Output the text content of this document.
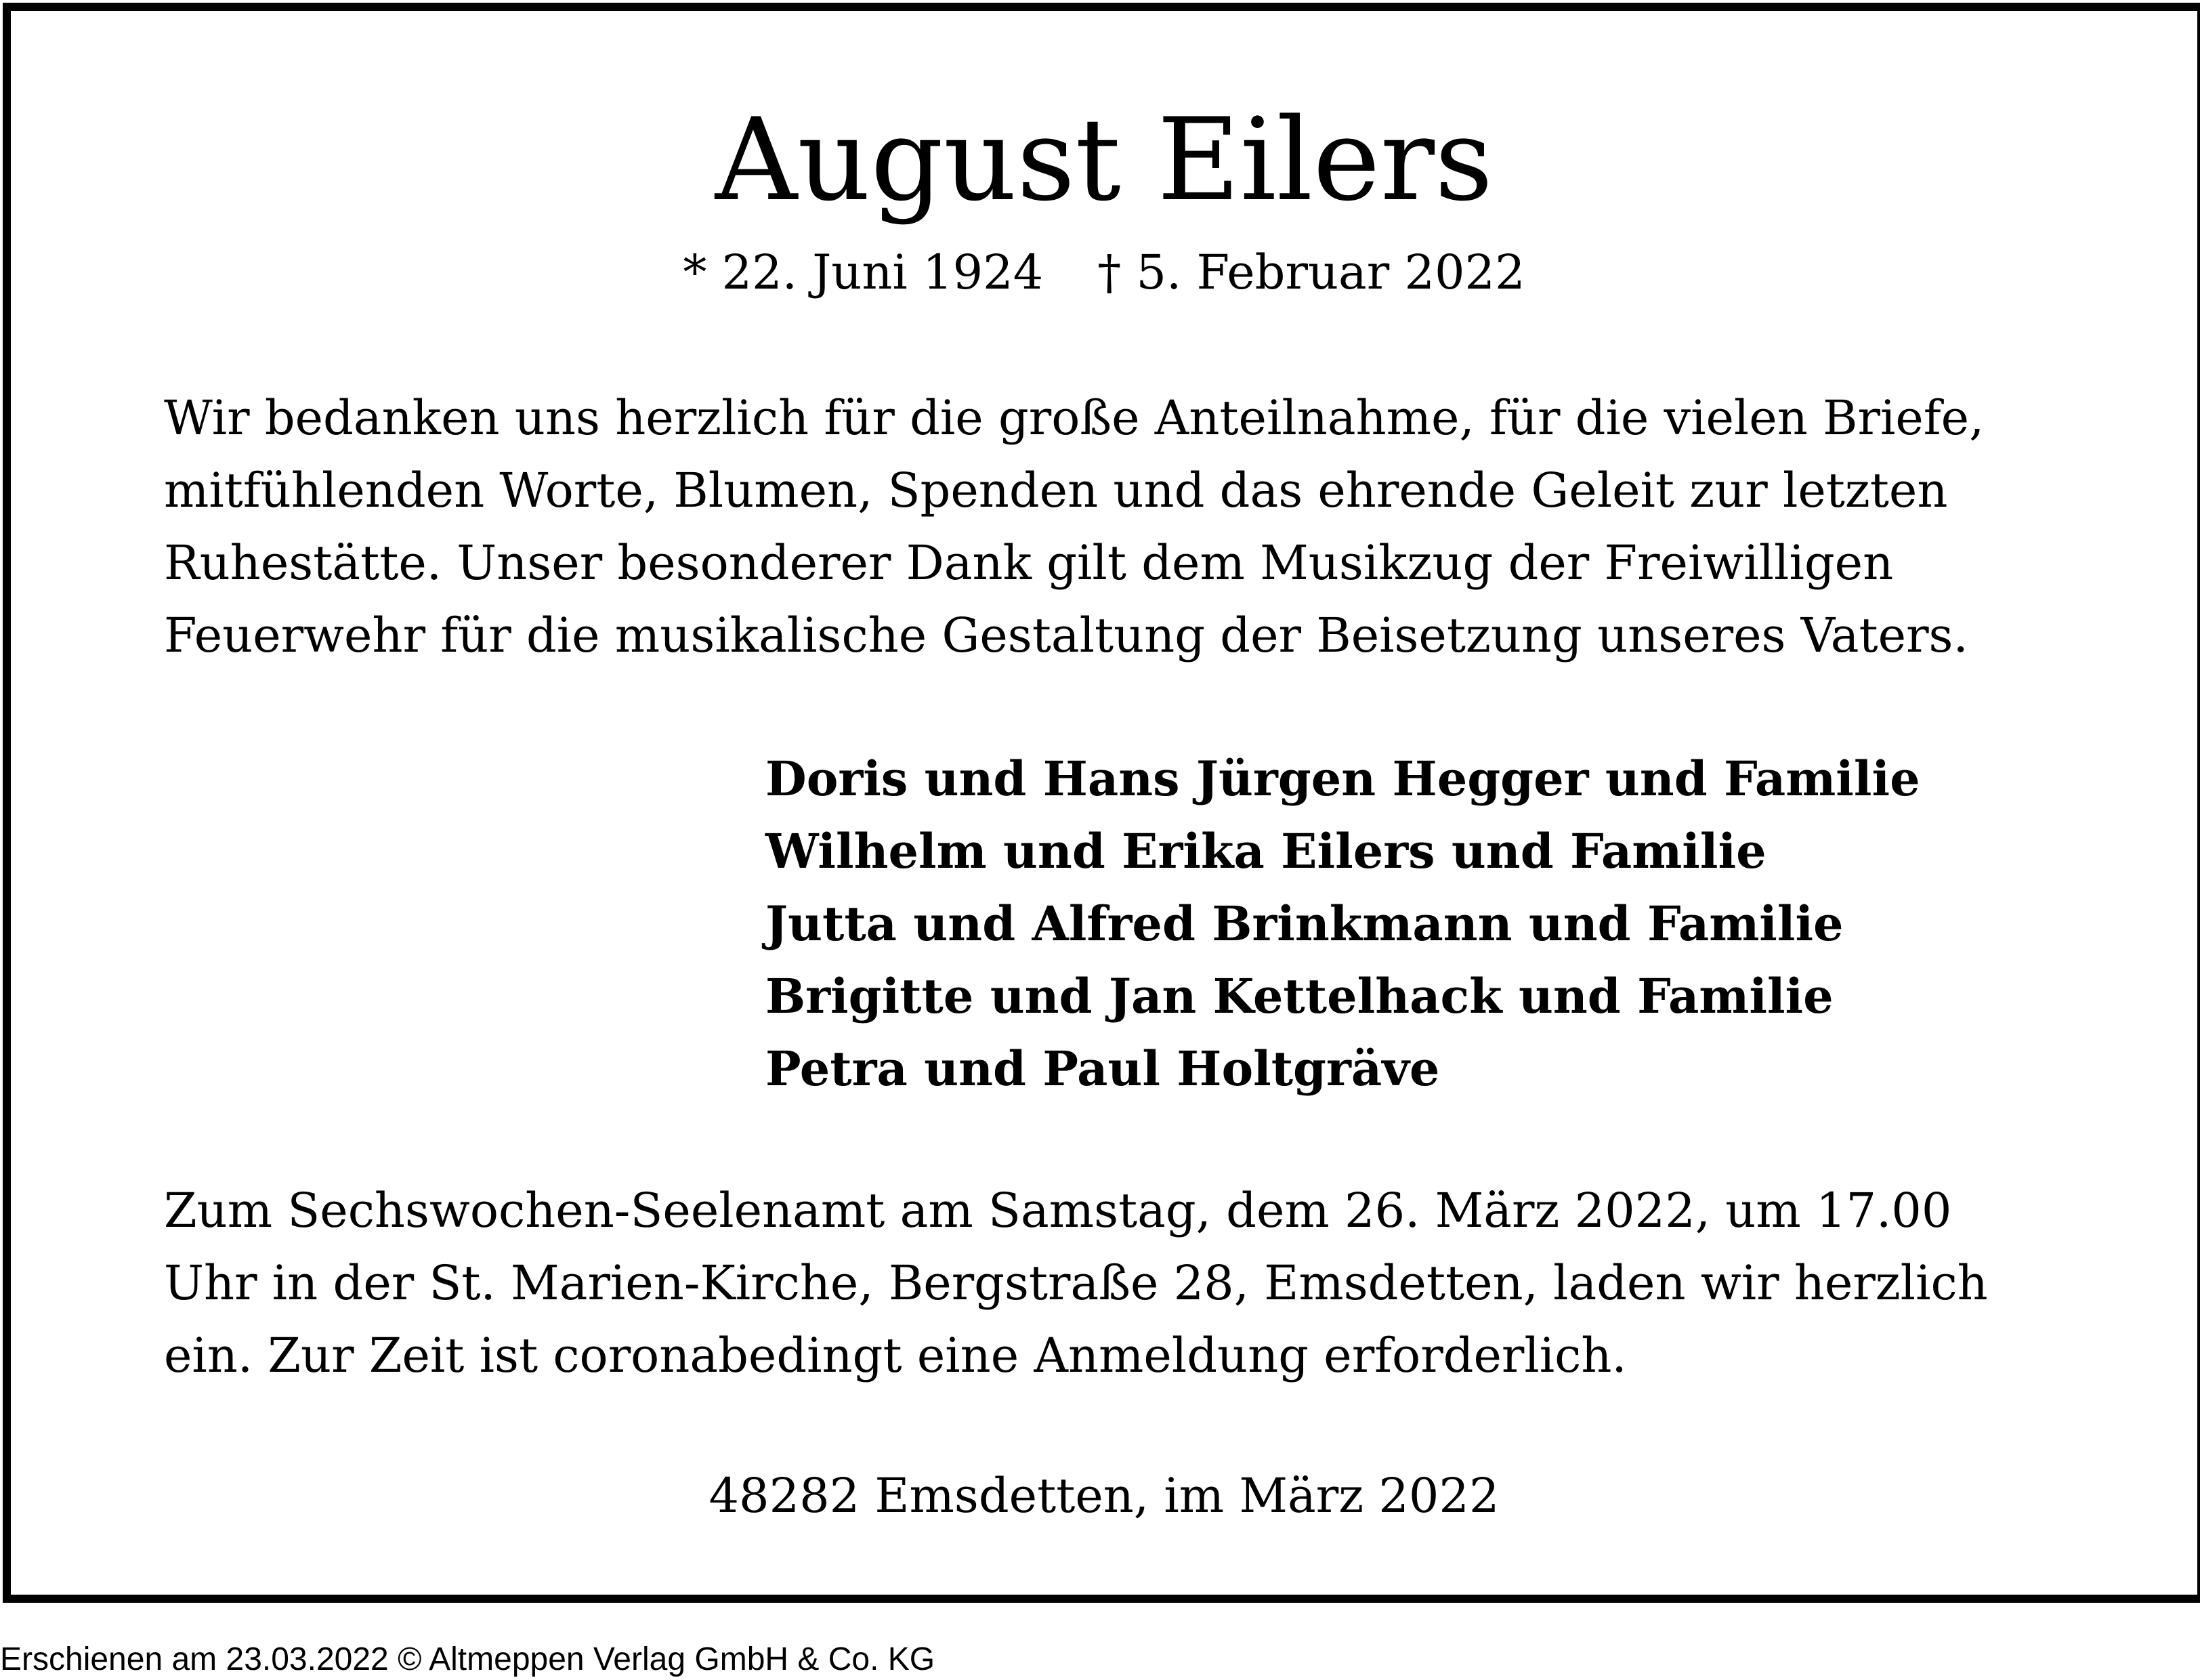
August Eilers
* 22. Juni 1924 † 5. Februar 2022

Wir bedanken uns herzlich für die große Anteilnahme, für die vielen Briefe,
mitfühlenden Worte, Blumen, Spenden und das ehrende Geleit zur letzten
Ruhestätte. Unser besonderer Dank gilt dem Musikzug der Freiwilligen
Feuerwehr für die musikalische Gestaltung der Beisetzung unseres Vaters.

Doris und Hans Jürgen Hegger und Familie
Wilhelm und Erika Eilers und Familie
Jutta und Alfred Brinkmann und Familie
Brigitte und Jan Kettelhack und Familie
Petra und Paul Holtgräve

Zum Sechswochen-Seelenamt am Samstag, dem 26. März 2022, um 17.00
Uhr in der St. Marien-Kirche, Bergstraße 28, Emsdetten, laden wir herzlich
ein. Zur Zeit ist coronabedingt eine Anmeldung erforderlich.

48282 Emsdetten, im März 2022
Erschienen am 23.03.2022 © Altmeppen Verlag GmbH & Co. KG
